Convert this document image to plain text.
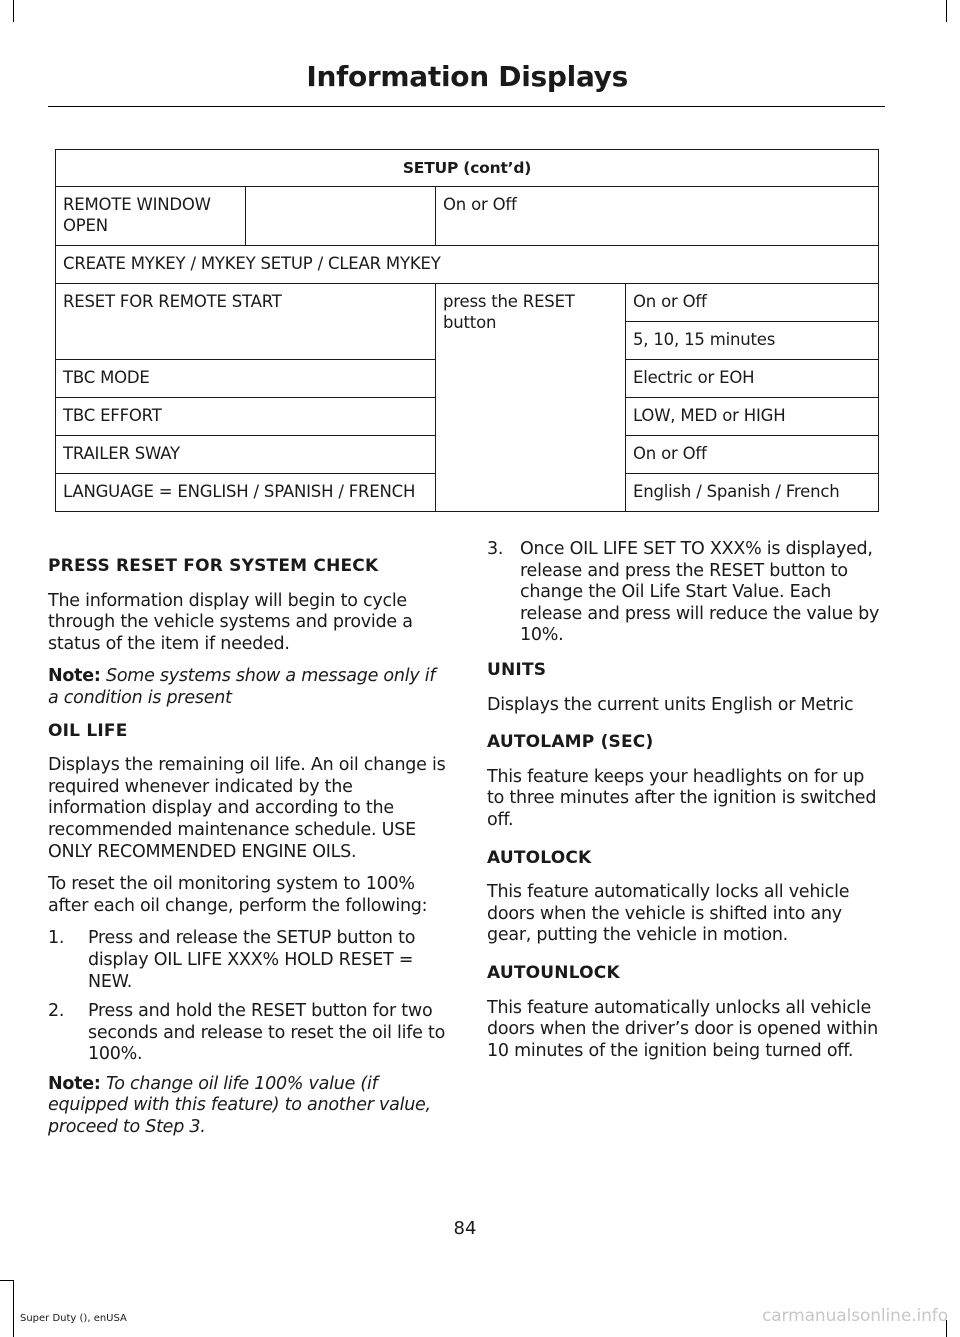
Information Displays
SETUP (cont’d)			
REMOTE WINDOW OPEN		On or Off	
CREATE MYKEY / MYKEY SETUP / CLEAR MYKEY			
RESET FOR REMOTE START		press the RESET button	On or Off
			5, 10, 15 minutes
TBC MODE			Electric or EOH
TBC EFFORT			LOW, MED or HIGH
TRAILER SWAY			On or Off
LANGUAGE = ENGLISH / SPANISH / FRENCH			English / Spanish / French
PRESS RESET FOR SYSTEM CHECK

The information display will begin to cycle through the vehicle systems and provide a status of the item if needed.

Note: Some systems show a message only if a condition is present

OIL LIFE

Displays the remaining oil life. An oil change is required whenever indicated by the information display and according to the recommended maintenance schedule. USE ONLY RECOMMENDED ENGINE OILS.

To reset the oil monitoring system to 100% after each oil change, perform the following:

1.	Press and release the SETUP button to display OIL LIFE XXX% HOLD RESET = NEW.
2.	Press and hold the RESET button for two seconds and release to reset the oil life to 100%.

Note: To change oil life 100% value (if equipped with this feature) to another value, proceed to Step 3.

3. Once OIL LIFE SET TO XXX% is displayed, release and press the RESET button to change the Oil Life Start Value. Each release and press will reduce the value by 10%.
UNITS

Displays the current units English or Metric

AUTOLAMP (SEC)

This feature keeps your headlights on for up to three minutes after the ignition is switched off.

AUTOLOCK

This feature automatically locks all vehicle doors when the vehicle is shifted into any gear, putting the vehicle in motion.

AUTOUNLOCK

This feature automatically unlocks all vehicle doors when the driver’s door is opened within 10 minutes of the ignition being turned off.

84
Super Duty (), enUSA	carmanualsonline.info
